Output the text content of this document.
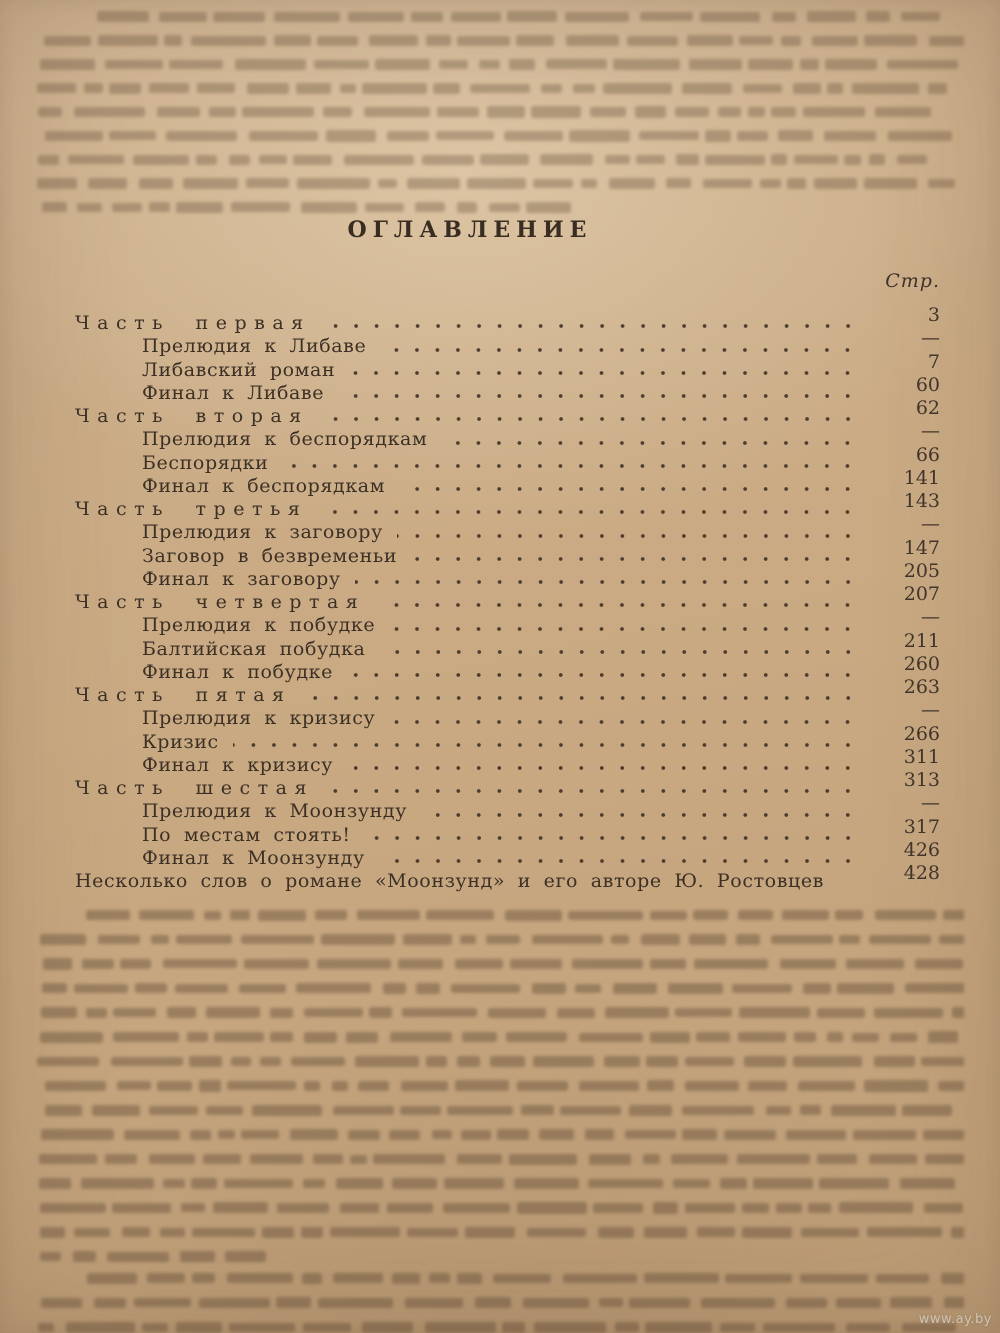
ОГЛАВЛЕНИЕ
Стр.
Часть первая	3
Прелюдия к Либаве	—
Либавский роман	7
Финал к Либаве	60
Часть вторая	62
Прелюдия к беспорядкам	—
Беспорядки	66
Финал к беспорядкам	141
Часть третья	143
Прелюдия к заговору	—
Заговор в безвременьи	147
Финал к заговору	205
Часть четвертая	207
Прелюдия к побудке	—
Балтийская побудка	211
Финал к побудке	260
Часть пятая	263
Прелюдия к кризису	—
Кризис	266
Финал к кризису	311
Часть шестая	313
Прелюдия к Моонзунду	—
По местам стоять!	317
Финал к Моонзунду	426
Несколько слов о романе «Моонзунд» и его авторе Ю. Ростовцев	428
www.ay.by
